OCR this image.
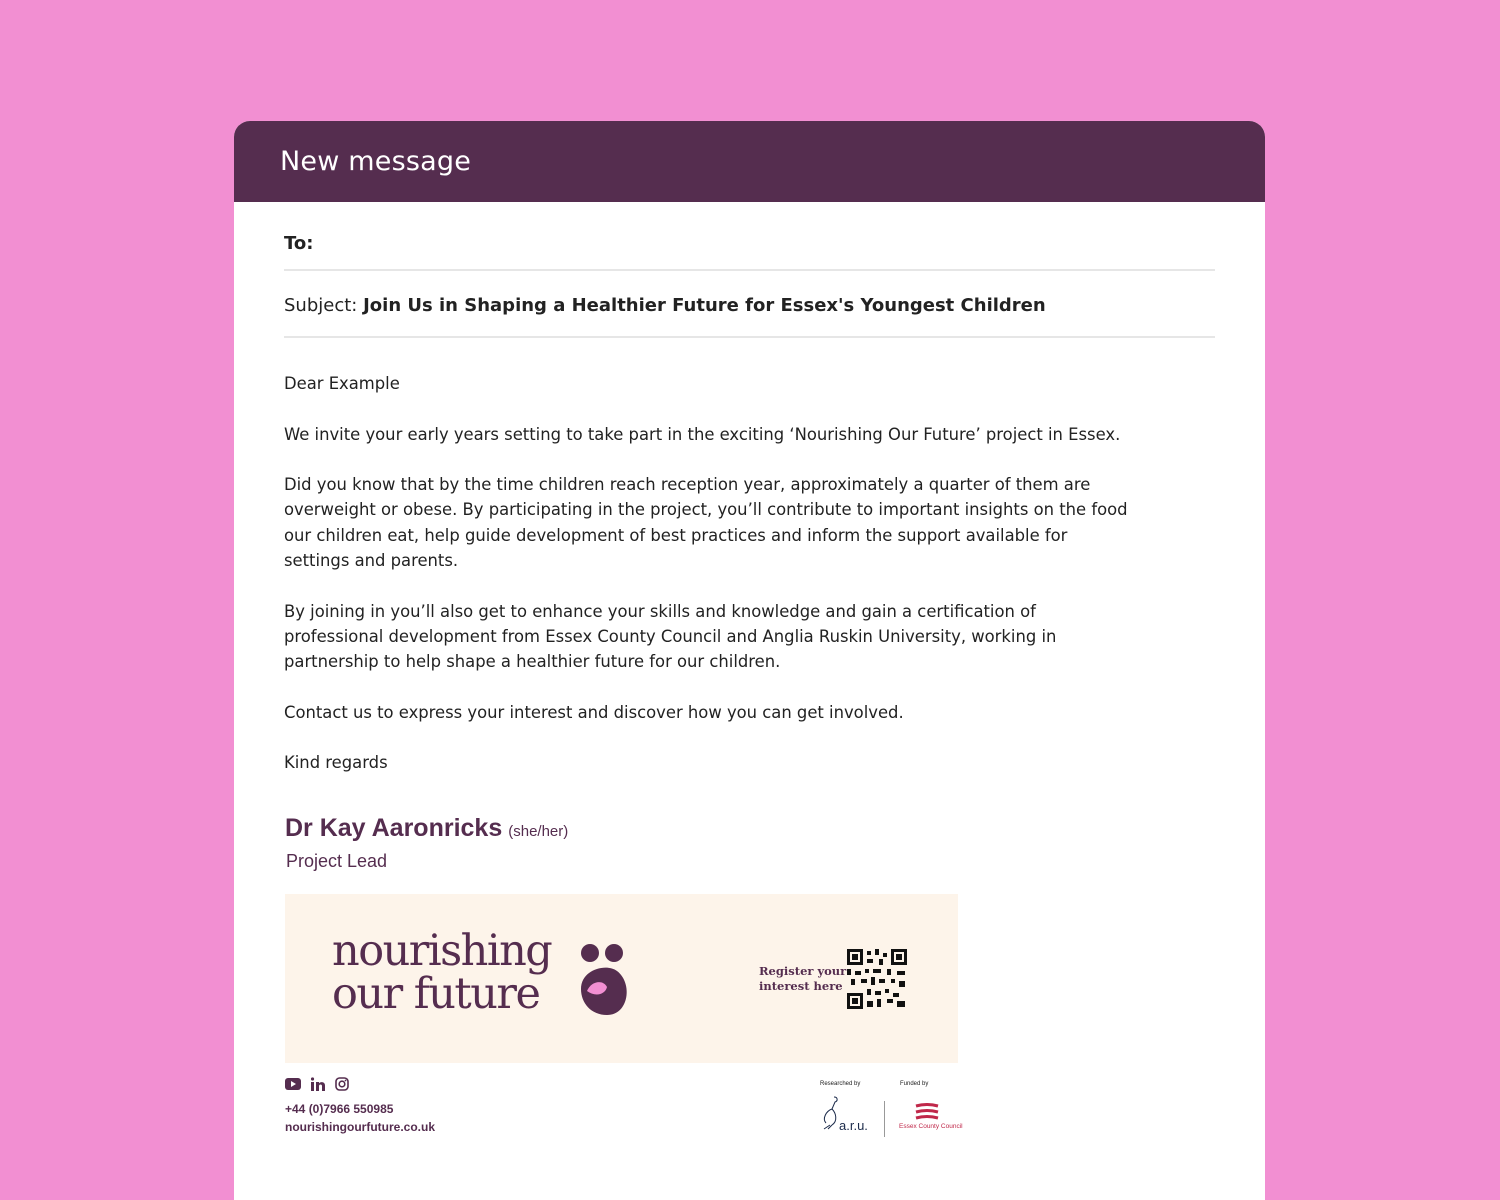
New message
To:
Subject: Join Us in Shaping a Healthier Future for Essex's Youngest Children

Dear Example

We invite your early years setting to take part in the exciting ‘Nourishing Our Future’ project in Essex.

Did you know that by the time children reach reception year, approximately a quarter of them are overweight or obese. By participating in the project, you’ll contribute to important insights on the food our children eat, help guide development of best practices and inform the support available for settings and parents.

By joining in you’ll also get to enhance your skills and knowledge and gain a certification of professional development from Essex County Council and Anglia Ruskin University, working in partnership to help shape a healthier future for our children.

Contact us to express your interest and discover how you can get involved.

Kind regards

Dr Kay Aaronricks (she/her)
Project Lead
nourishing
our future	Register your
interest here
+44 (0)7966 550985
nourishingourfuture.co.uk
Researched by	Funded by
a.r.u.	Essex County Council
